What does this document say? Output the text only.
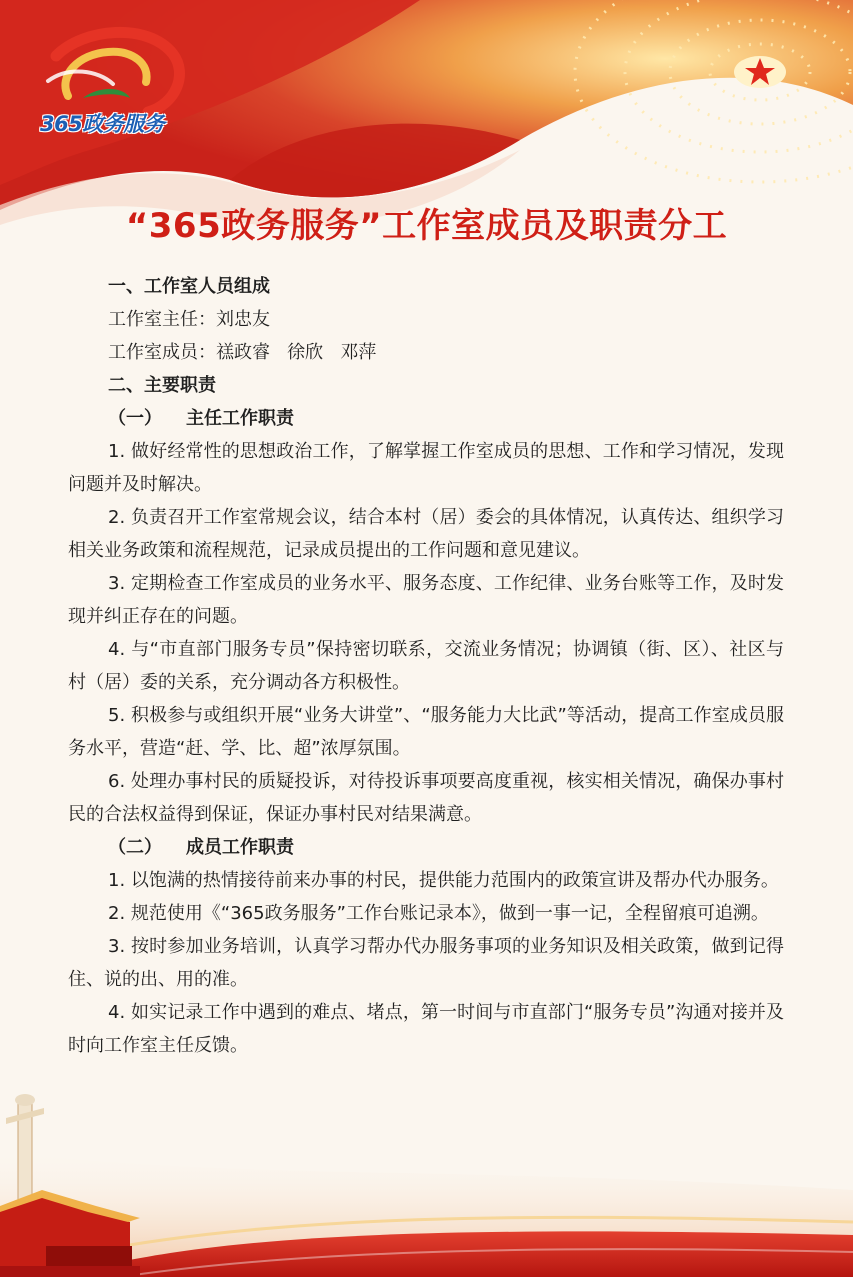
365政务服务
“365政务服务”工作室成员及职责分工

一、工作室人员组成

工作室主任：刘忠友

工作室成员：禚政睿 徐欣 邓萍

二、主要职责

（一） 主任工作职责

1. 做好经常性的思想政治工作，了解掌握工作室成员的思想、工作和学习情况，发现问题并及时解决。

2. 负责召开工作室常规会议，结合本村（居）委会的具体情况，认真传达、组织学习相关业务政策和流程规范，记录成员提出的工作问题和意见建议。

3. 定期检查工作室成员的业务水平、服务态度、工作纪律、业务台账等工作，及时发现并纠正存在的问题。

4. 与“市直部门服务专员”保持密切联系，交流业务情况；协调镇（街、区）、社区与村（居）委的关系，充分调动各方积极性。

5. 积极参与或组织开展“业务大讲堂”、“服务能力大比武”等活动，提高工作室成员服务水平，营造“赶、学、比、超”浓厚氛围。

6. 处理办事村民的质疑投诉，对待投诉事项要高度重视，核实相关情况，确保办事村民的合法权益得到保证，保证办事村民对结果满意。

（二） 成员工作职责

1. 以饱满的热情接待前来办事的村民，提供能力范围内的政策宣讲及帮办代办服务。

2. 规范使用《“365政务服务”工作台账记录本》，做到一事一记，全程留痕可追溯。

3. 按时参加业务培训，认真学习帮办代办服务事项的业务知识及相关政策，做到记得住、说的出、用的准。

4. 如实记录工作中遇到的难点、堵点，第一时间与市直部门“服务专员”沟通对接并及时向工作室主任反馈。
